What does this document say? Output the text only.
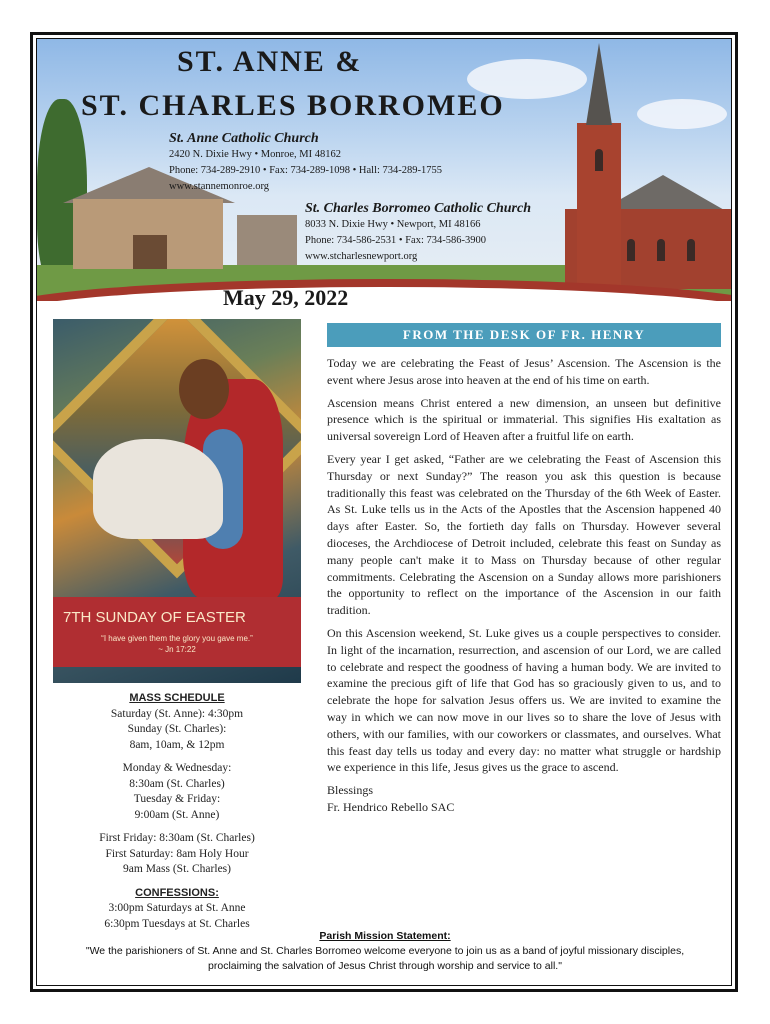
ST. ANNE &
ST. CHARLES BORROMEO
St. Anne Catholic Church
2420 N. Dixie Hwy • Monroe, MI 48162
Phone: 734-289-2910 • Fax: 734-289-1098 • Hall: 734-289-1755
www.stannemonroe.org
St. Charles Borromeo Catholic Church
8033 N. Dixie Hwy • Newport, MI 48166
Phone: 734-586-2531 • Fax: 734-586-3900
www.stcharlesnewport.org
May 29, 2022
7TH SUNDAY OF EASTER
“I have given them the glory you gave me.”
~ Jn 17:22
MASS SCHEDULE
Saturday (St. Anne): 4:30pm
Sunday (St. Charles):
8am, 10am, & 12pm
Monday & Wednesday:
8:30am (St. Charles)
Tuesday & Friday:
9:00am (St. Anne)
First Friday: 8:30am (St. Charles)
First Saturday: 8am Holy Hour
9am Mass (St. Charles)
CONFESSIONS:
3:00pm Saturdays at St. Anne
6:30pm Tuesdays at St. Charles
FROM THE DESK OF FR. HENRY

Today we are celebrating the Feast of Jesus’ Ascension. The Ascension is the event where Jesus arose into heaven at the end of his time on earth.

Ascension means Christ entered a new dimension, an unseen but definitive presence which is the spiritual or immaterial. This signifies His exaltation as universal sovereign Lord of Heaven after a fruitful life on earth.

Every year I get asked, “Father are we celebrating the Feast of Ascension this Thursday or next Sunday?” The reason you ask this question is because traditionally this feast was celebrated on the Thursday of the 6th Week of Easter. As St. Luke tells us in the Acts of the Apostles that the Ascension happened 40 days after Easter. So, the fortieth day falls on Thursday. However several dioceses, the Archdiocese of Detroit included, celebrate this feast on Sunday as many people can't make it to Mass on Thursday because of other regular commitments. Celebrating the Ascension on a Sunday allows more parishioners the opportunity to reflect on the importance of the Ascension in our faith tradition.

On this Ascension weekend, St. Luke gives us a couple perspectives to consider. In light of the incarnation, resurrection, and ascension of our Lord, we are called to celebrate and respect the goodness of having a human body. We are invited to examine the precious gift of life that God has so graciously given to us, and to celebrate the hope for salvation Jesus offers us. We are invited to examine the way in which we can now move in our lives so to share the love of Jesus with others, with our families, with our coworkers or classmates, and ourselves. What this feast day tells us today and every day: no matter what struggle or hardship we experience in this life, Jesus gives us the grace to ascend.

Blessings
Fr. Hendrico Rebello SAC
Parish Mission Statement:
"We the parishioners of St. Anne and St. Charles Borromeo welcome everyone to join us as a band of joyful missionary disciples,
proclaiming the salvation of Jesus Christ through worship and service to all."
